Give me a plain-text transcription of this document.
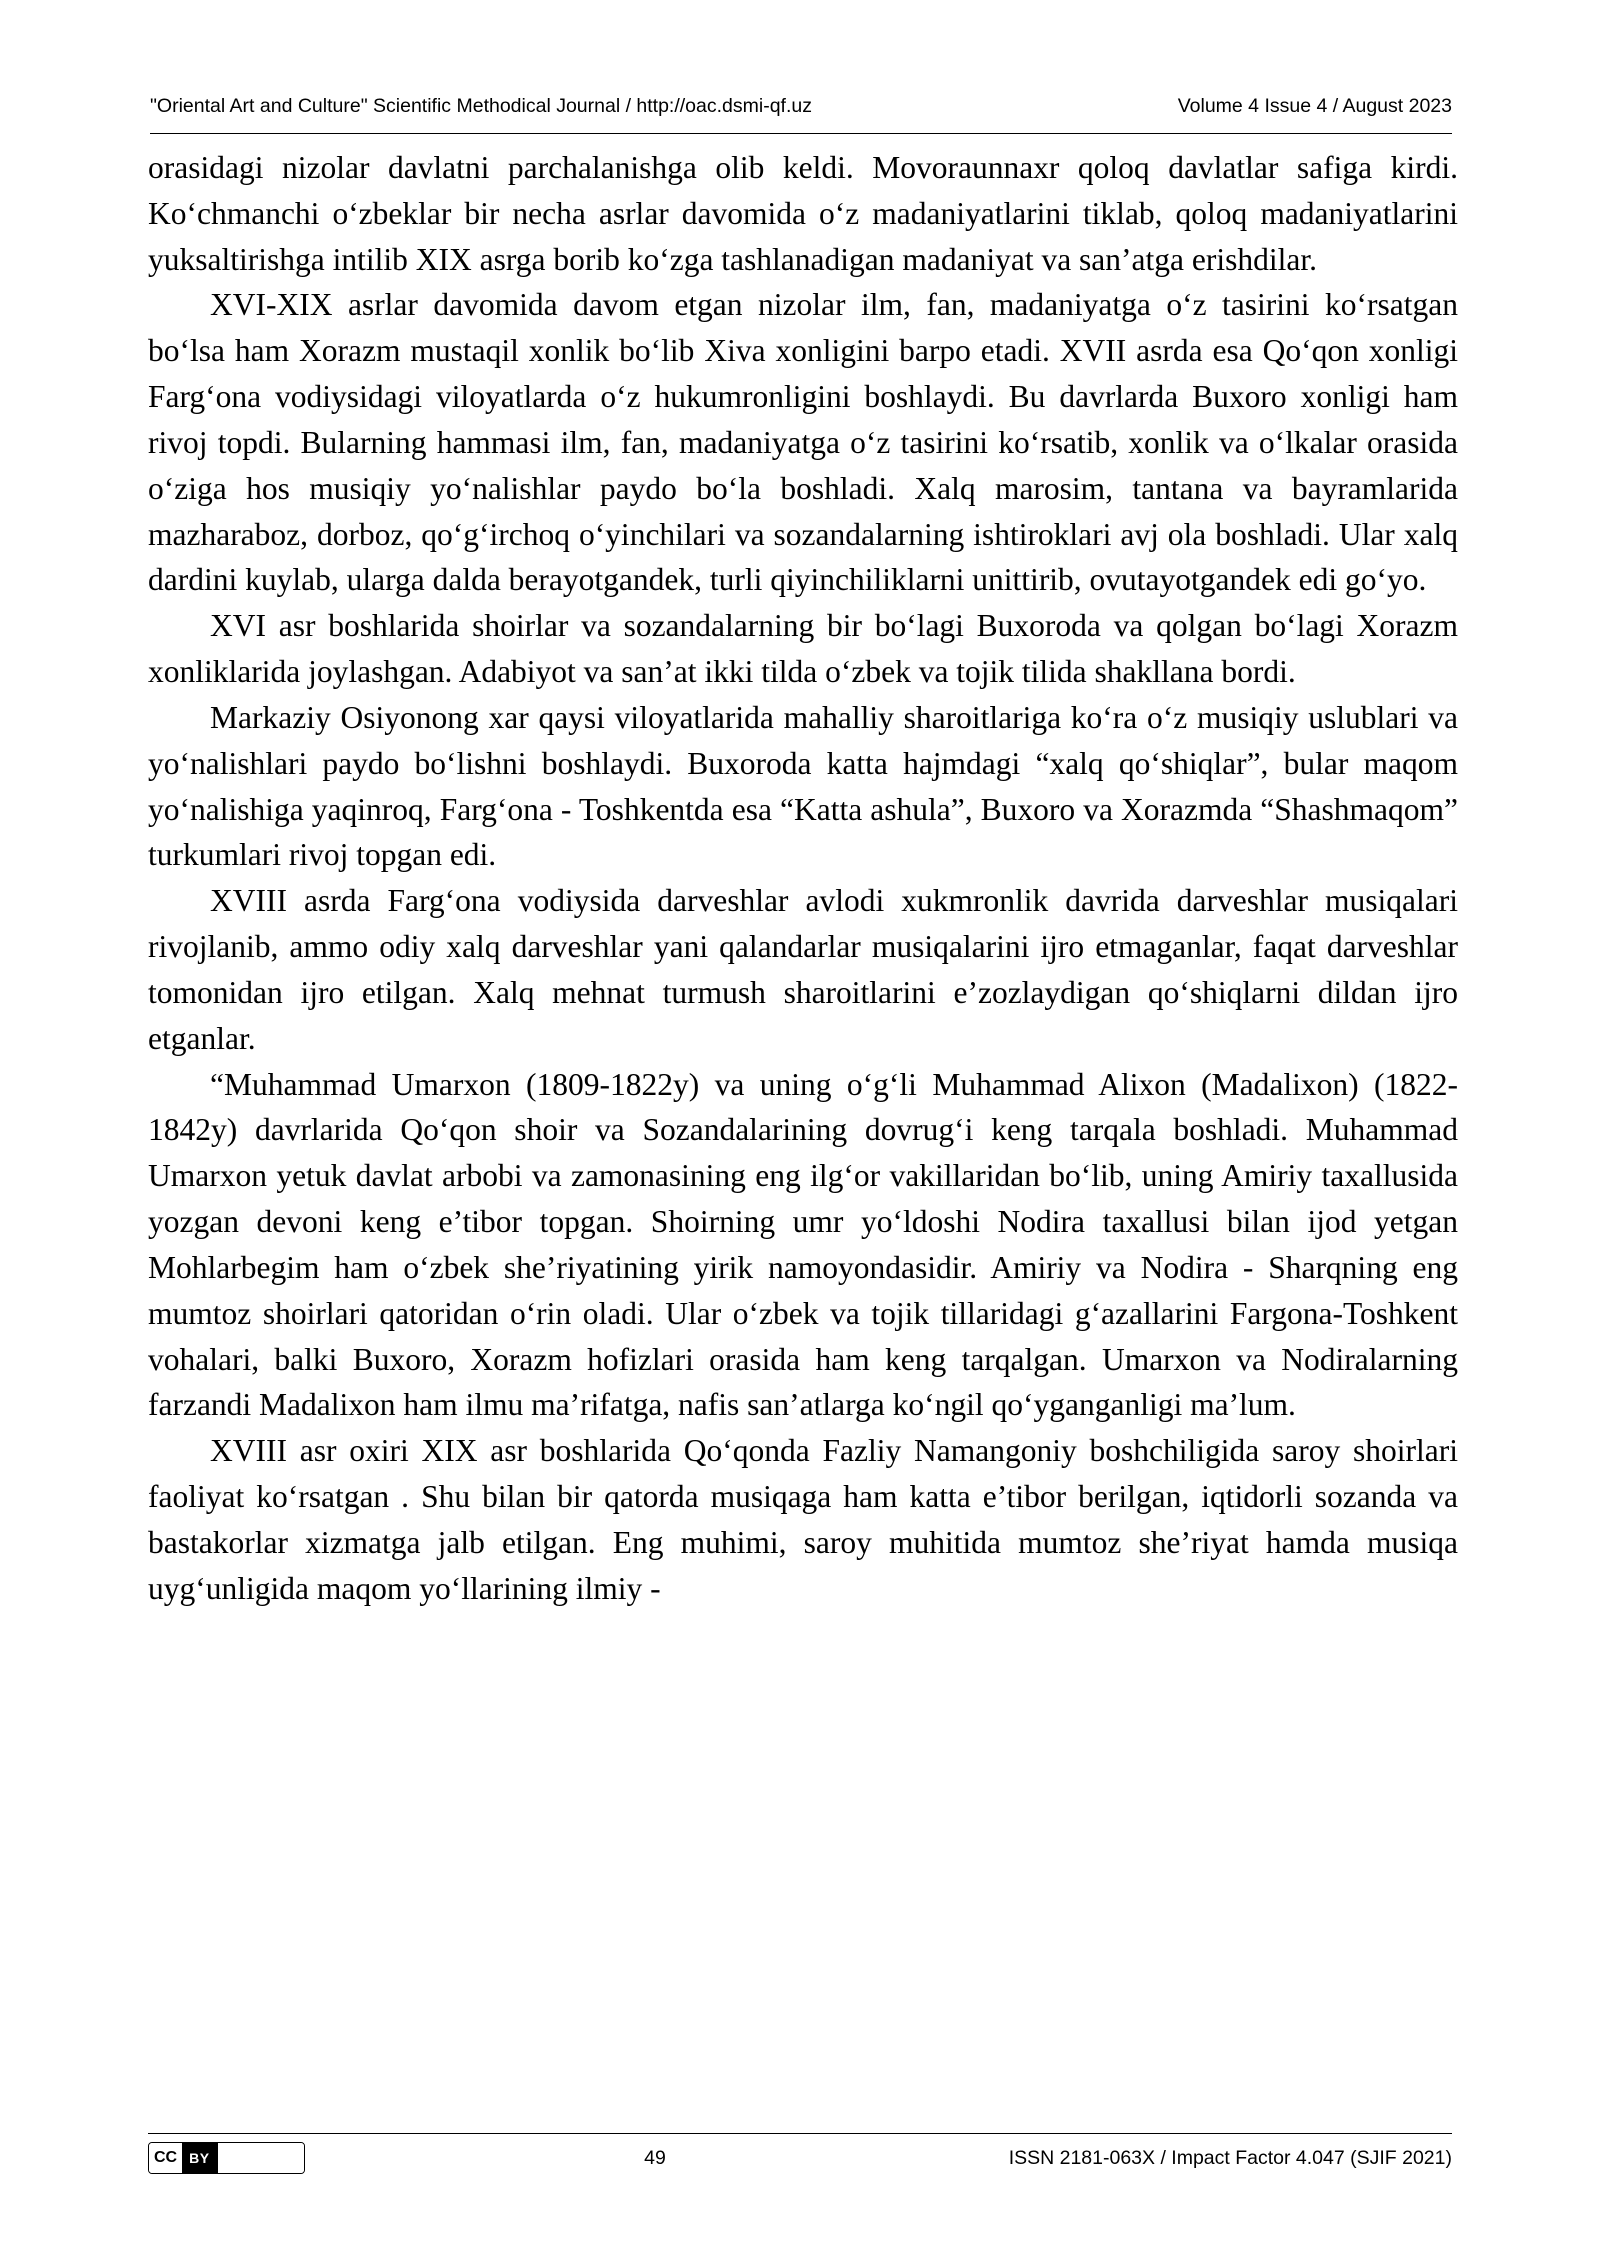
"Oriental Art and Culture" Scientific Methodical Journal / http://oac.dsmi-qf.uz	Volume 4 Issue 4 / August 2023

orasidagi nizolar davlatni parchalanishga olib keldi. Movoraunnaxr qoloq davlatlar safiga kirdi. Ko‘chmanchi o‘zbeklar bir necha asrlar davomida o‘z madaniyatlarini tiklab, qoloq madaniyatlarini yuksaltirishga intilib XIX asrga borib ko‘zga tashlanadigan madaniyat va san’atga erishdilar.

XVI-XIX asrlar davomida davom etgan nizolar ilm, fan, madaniyatga o‘z tasirini ko‘rsatgan bo‘lsa ham Xorazm mustaqil xonlik bo‘lib Xiva xonligini barpo etadi. XVII asrda esa Qo‘qon xonligi Farg‘ona vodiysidagi viloyatlarda o‘z hukumronligini boshlaydi. Bu davrlarda Buxoro xonligi ham rivoj topdi. Bularning hammasi ilm, fan, madaniyatga o‘z tasirini ko‘rsatib, xonlik va o‘lkalar orasida o‘ziga hos musiqiy yo‘nalishlar paydo bo‘la boshladi. Xalq marosim, tantana va bayramlarida mazharaboz, dorboz, qo‘g‘irchoq o‘yinchilari va sozandalarning ishtiroklari avj ola boshladi. Ular xalq dardini kuylab, ularga dalda berayotgandek, turli qiyinchiliklarni unittirib, ovutayotgandek edi go‘yo.

XVI asr boshlarida shoirlar va sozandalarning bir bo‘lagi Buxoroda va qolgan bo‘lagi Xorazm xonliklarida joylashgan. Adabiyot va san’at ikki tilda o‘zbek va tojik tilida shakllana bordi.

Markaziy Osiyonong xar qaysi viloyatlarida mahalliy sharoitlariga ko‘ra o‘z musiqiy uslublari va yo‘nalishlari paydo bo‘lishni boshlaydi. Buxoroda katta hajmdagi “xalq qo‘shiqlar”, bular maqom yo‘nalishiga yaqinroq, Farg‘ona - Toshkentda esa “Katta ashula”, Buxoro va Xorazmda “Shashmaqom” turkumlari rivoj topgan edi.

XVIII asrda Farg‘ona vodiysida darveshlar avlodi xukmronlik davrida darveshlar musiqalari rivojlanib, ammo odiy xalq darveshlar yani qalandarlar musiqalarini ijro etmaganlar, faqat darveshlar tomonidan ijro etilgan. Xalq mehnat turmush sharoitlarini e’zozlaydigan qo‘shiqlarni dildan ijro etganlar.

“Muhammad Umarxon (1809-1822y) va uning o‘g‘li Muhammad Alixon (Madalixon) (1822-1842y) davrlarida Qo‘qon shoir va Sozandalarining dovrug‘i keng tarqala boshladi. Muhammad Umarxon yetuk davlat arbobi va zamonasining eng ilg‘or vakillaridan bo‘lib, uning Amiriy taxallusida yozgan devoni keng e’tibor topgan. Shoirning umr yo‘ldoshi Nodira taxallusi bilan ijod yetgan Mohlarbegim ham o‘zbek she’riyatining yirik namoyondasidir. Amiriy va Nodira - Sharqning eng mumtoz shoirlari qatoridan o‘rin oladi. Ular o‘zbek va tojik tillaridagi g‘azallarini Fargona-Toshkent vohalari, balki Buxoro, Xorazm hofizlari orasida ham keng tarqalgan. Umarxon va Nodiralarning farzandi Madalixon ham ilmu ma’rifatga, nafis san’atlarga ko‘ngil qo‘yganganligi ma’lum.

XVIII asr oxiri XIX asr boshlarida Qo‘qonda Fazliy Namangoniy boshchiligida saroy shoirlari faoliyat ko‘rsatgan . Shu bilan bir qatorda musiqaga ham katta e’tibor berilgan, iqtidorli sozanda va bastakorlar xizmatga jalb etilgan. Eng muhimi, saroy muhitida mumtoz she’riyat hamda musiqa uyg‘unligida maqom yo‘llarining ilmiy -

CC BY	49	ISSN 2181-063X / Impact Factor 4.047 (SJIF 2021)
